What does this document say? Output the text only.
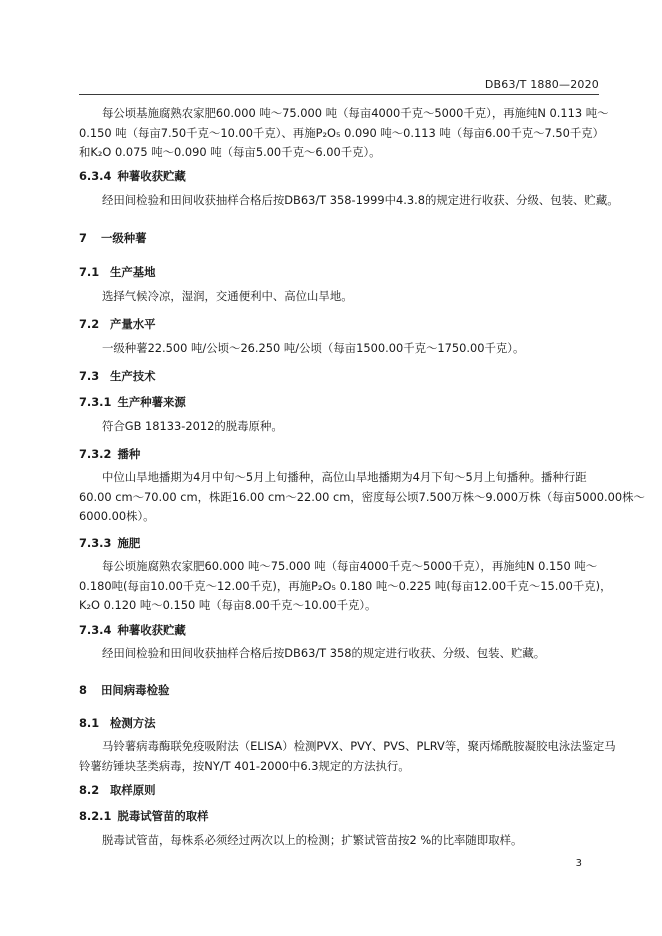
DB63/T 1880—2020
每公顷基施腐熟农家肥60.000 吨～75.000 吨（每亩4000千克～5000千克），再施纯N 0.113 吨～
0.150 吨（每亩7.50千克～10.00千克）、再施P₂O₅ 0.090 吨～0.113 吨（每亩6.00千克～7.50千克）
和K₂O 0.075 吨～0.090 吨（每亩5.00千克～6.00千克）。
6.3.4 种薯收获贮藏
经田间检验和田间收获抽样合格后按DB63/T 358-1999中4.3.8的规定进行收获、分级、包装、贮藏。
7 一级种薯
7.1 生产基地
选择气候冷凉，湿润，交通便利中、高位山旱地。
7.2 产量水平
一级种薯22.500 吨/公顷～26.250 吨/公顷（每亩1500.00千克～1750.00千克）。
7.3 生产技术
7.3.1 生产种薯来源
符合GB 18133-2012的脱毒原种。
7.3.2 播种
中位山旱地播期为4月中旬～5月上旬播种，高位山旱地播期为4月下旬～5月上旬播种。播种行距
60.00 cm～70.00 cm，株距16.00 cm～22.00 cm，密度每公顷7.500万株～9.000万株（每亩5000.00株～
6000.00株）。
7.3.3 施肥
每公顷施腐熟农家肥60.000 吨～75.000 吨（每亩4000千克～5000千克），再施纯N 0.150 吨～
0.180吨(每亩10.00千克～12.00千克)，再施P₂O₅ 0.180 吨～0.225 吨(每亩12.00千克～15.00千克)，
K₂O 0.120 吨～0.150 吨（每亩8.00千克～10.00千克）。
7.3.4 种薯收获贮藏
经田间检验和田间收获抽样合格后按DB63/T 358的规定进行收获、分级、包装、贮藏。
8 田间病毒检验
8.1 检测方法
马铃薯病毒酶联免疫吸附法（ELISA）检测PVX、PVY、PVS、PLRV等，聚丙烯酰胺凝胶电泳法鉴定马
铃薯纺锤块茎类病毒，按NY/T 401-2000中6.3规定的方法执行。
8.2 取样原则
8.2.1 脱毒试管苗的取样
脱毒试管苗，每株系必须经过两次以上的检测；扩繁试管苗按2 %的比率随即取样。
3
